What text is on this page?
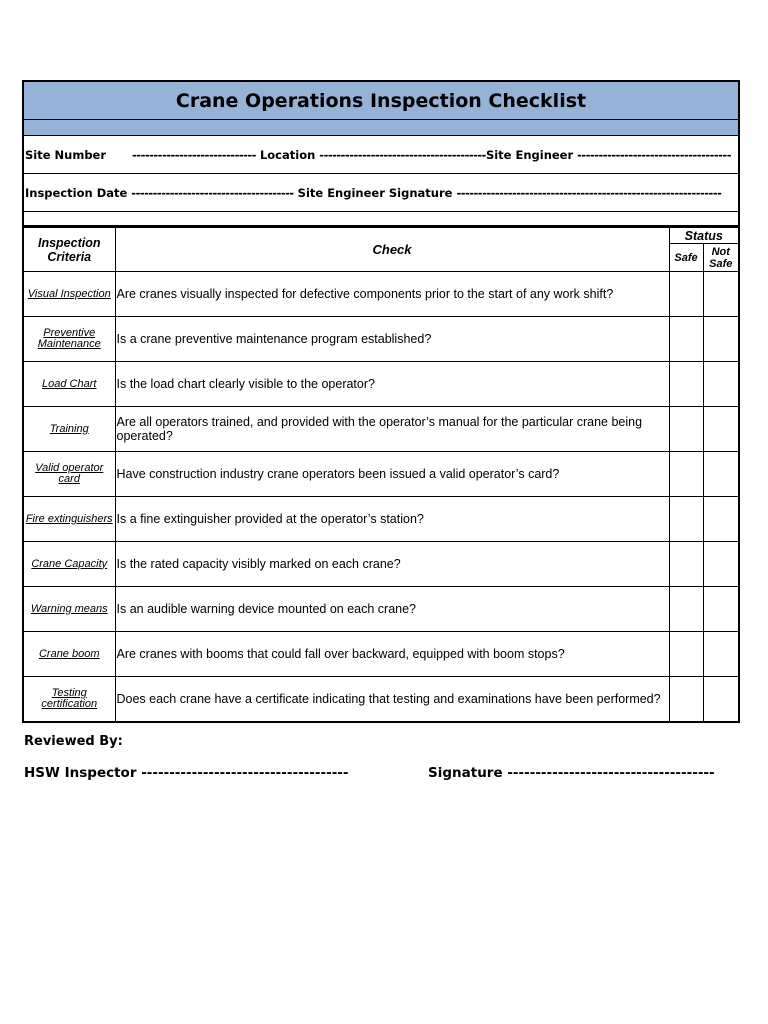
Crane Operations Inspection Checklist
Site Number ----------------------------- Location --------------------------------------- Site Engineer ------------------------------------
Inspection Date -------------------------------------- Site Engineer Signature --------------------------------------------------------------
Inspection Criteria	Check	Status	
		Safe	Not Safe
Visual Inspection	Are cranes visually inspected for defective components prior to the start of any work shift?		
Preventive Maintenance	Is a crane preventive maintenance program established?		
Load Chart	Is the load chart clearly visible to the operator?		
Training	Are all operators trained, and provided with the operator’s manual for the particular crane being operated?		
Valid operator card	Have construction industry crane operators been issued a valid operator’s card?		
Fire extinguishers	Is a fine extinguisher provided at the operator’s station?		
Crane Capacity	Is the rated capacity visibly marked on each crane?		
Warning means	Is an audible warning device mounted on each crane?		
Crane boom	Are cranes with booms that could fall over backward, equipped with boom stops?		
Testing certification	Does each crane have a certificate indicating that testing and examinations have been performed?		
Reviewed By:
HSW Inspector -------------------------------------	Signature -------------------------------------
